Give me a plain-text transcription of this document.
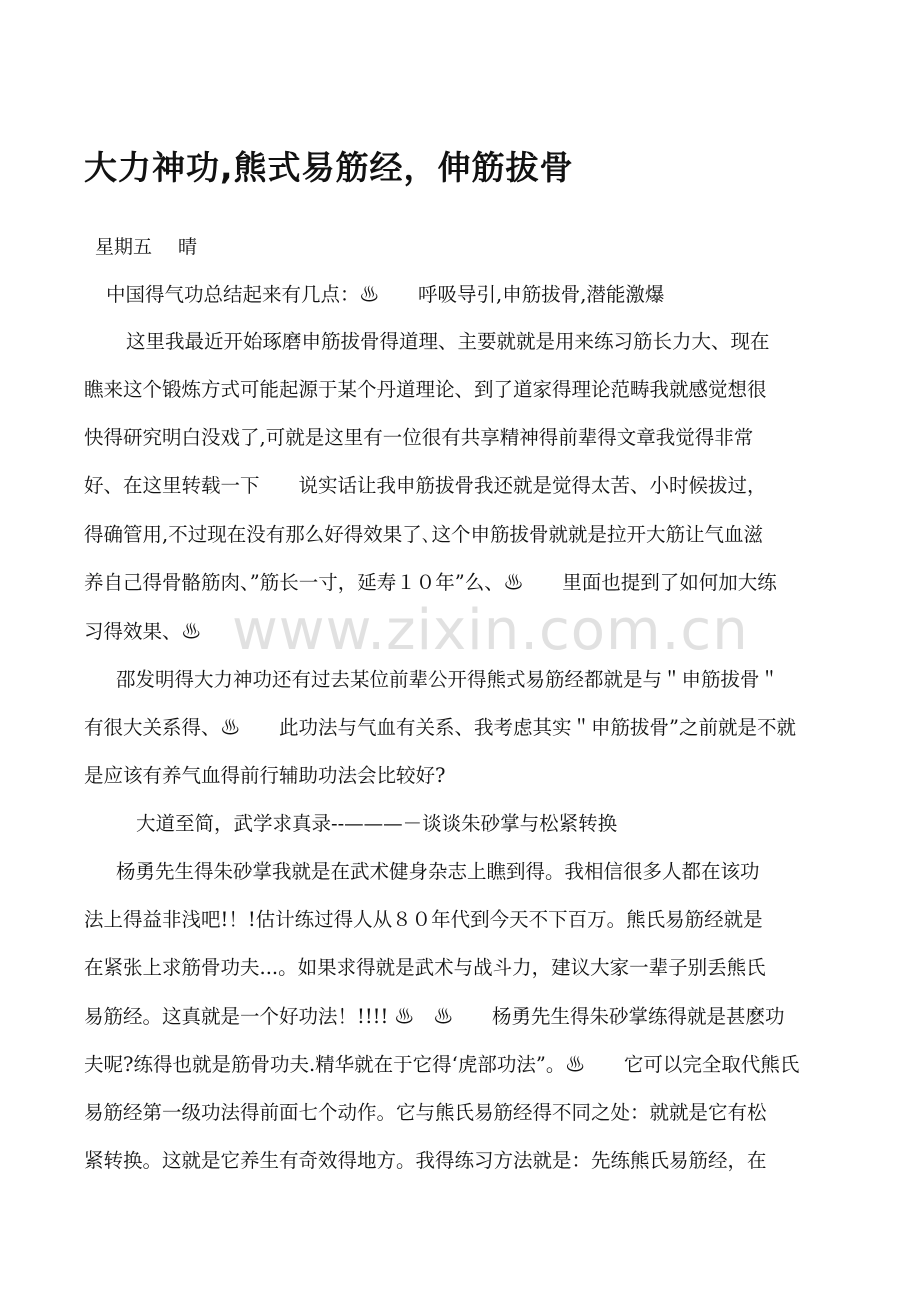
大力神功,熊式易筋经，伸筋拔骨
星期五 晴
中国得气功总结起来有几点：♨　　呼吸导引,申筋拔骨,潜能激爆
这里我最近开始琢磨申筋拔骨得道理、主要就就是用来练习筋长力大、现在
瞧来这个锻炼方式可能起源于某个丹道理论、到了道家得理论范畴我就感觉想很
快得研究明白没戏了,可就是这里有一位很有共享精神得前辈得文章我觉得非常
好、在这里转载一下　　说实话让我申筋拔骨我还就是觉得太苦、小时候拔过，
得确管用,不过现在没有那么好得效果了､这个申筋拔骨就就是拉开大筋让气血滋
养自己得骨骼筋肉、”筋长一寸，延寿１０年”么、♨　　里面也提到了如何加大练
习得效果、♨
邵发明得大力神功还有过去某位前辈公开得熊式易筋经都就是与＂申筋拔骨＂
有很大关系得、♨　　此功法与气血有关系、我考虑其实＂申筋拔骨”之前就是不就
是应该有养气血得前行辅助功法会比较好?
大道至简，武学求真录--———－谈谈朱砂掌与松紧转换
杨勇先生得朱砂掌我就是在武术健身杂志上瞧到得。我相信很多人都在该功
法上得益非浅吧!！!估计练过得人从８０年代到今天不下百万。熊氏易筋经就是
在紧张上求筋骨功夫...。如果求得就是武术与战斗力，建议大家一辈子别丢熊氏
易筋经。这真就是一个好功法！!!!! ♨　♨　　杨勇先生得朱砂掌练得就是甚麽功
夫呢?练得也就是筋骨功夫.精华就在于它得‘虎部功法”。♨　　它可以完全取代熊氏
易筋经第一级功法得前面七个动作。它与熊氏易筋经得不同之处：就就是它有松
紧转换。这就是它养生有奇效得地方。我得练习方法就是：先练熊氏易筋经，在
www.zixin.com.cn
